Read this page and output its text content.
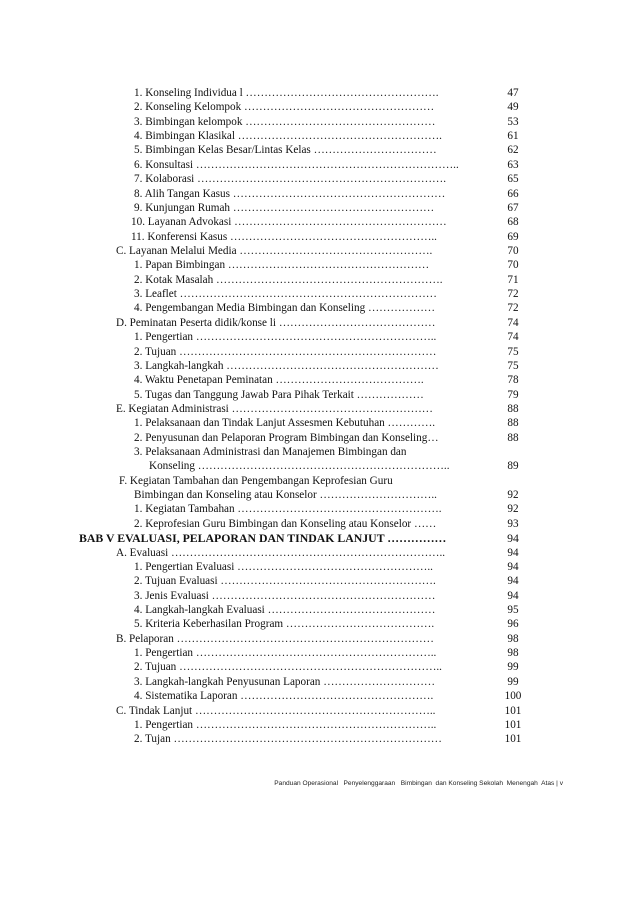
1. Konseling Individua l …………………………………………….	47
2. Konseling Kelompok ……………………………………………	49
3. Bimbingan kelompok ……………………………………………	53
4. Bimbingan Klasikal ……………………………………………….	61
5. Bimbingan Kelas Besar/Lintas Kelas ……………………………	62
6. Konsultasi ……………………………………………………………..	63
7. Kolaborasi ………………………………………………………….	65
8. Alih Tangan Kasus …………………………………………………	66
9. Kunjungan Rumah ………………………………………………	67
10. Layanan Advokasi …………………………………………………	68
11. Konferensi Kasus ………………………………………………..	69
C. Layanan Melalui Media …………………………………………….	70
1. Papan Bimbingan ………………………………………………	70
2. Kotak Masalah …………………………………………………….	71
3. Leaflet ……………………………………………………………	72
4. Pengembangan Media Bimbingan dan Konseling ………………	72
D. Peminatan Peserta didik/konse li ……………………………………	74
1. Pengertian ………………………………………………………..	74
2. Tujuan ……………………………………………………………	75
3. Langkah-langkah …………………………………………………	75
4. Waktu Penetapan Peminatan ………………………………….	78
5. Tugas dan Tanggung Jawab Para Pihak Terkait ………………	79
E. Kegiatan Administrasi ………………………………………………	88
1. Pelaksanaan dan Tindak Lanjut Assesmen Kebutuhan ………….	88
2. Penyusunan dan Pelaporan Program Bimbingan dan Konseling…	88
3. Pelaksanaan Administrasi dan Manajemen Bimbingan dan
Konseling …………………………………………………………..	89
F. Kegiatan Tambahan dan Pengembangan Keprofesian Guru
Bimbingan dan Konseling atau Konselor …………………………..	92
1. Kegiatan Tambahan ……………………………………………….	92
2. Keprofesian Guru Bimbingan dan Konseling atau Konselor ……	93
BAB V EVALUASI, PELAPORAN DAN TINDAK LANJUT ……………	94
A. Evaluasi ………………………………………………………………..	94
1. Pengertian Evaluasi ……………………………………………..	94
2. Tujuan Evaluasi ………………………………………………….	94
3. Jenis Evaluasi ……………………………………………………	94
4. Langkah-langkah Evaluasi ………………………………………	95
5. Kriteria Keberhasilan Program ………………………………….	96
B. Pelaporan ……………………………………………………………	98
1. Pengertian ………………………………………………………..	98
2. Tujuan ……………………………………………………………..	99
3. Langkah-langkah Penyusunan Laporan …………………………	99
4. Sistematika Laporan …………………………………………….	100
C. Tindak Lanjut ………………………………………………………..	101
1. Pengertian ………………………………………………………..	101
2. Tujan ………………………………………………………………	101
Panduan Operasional   Penyelenggaraan   Bimbingan  dan Konseling Sekolah  Menengah  Atas | v
